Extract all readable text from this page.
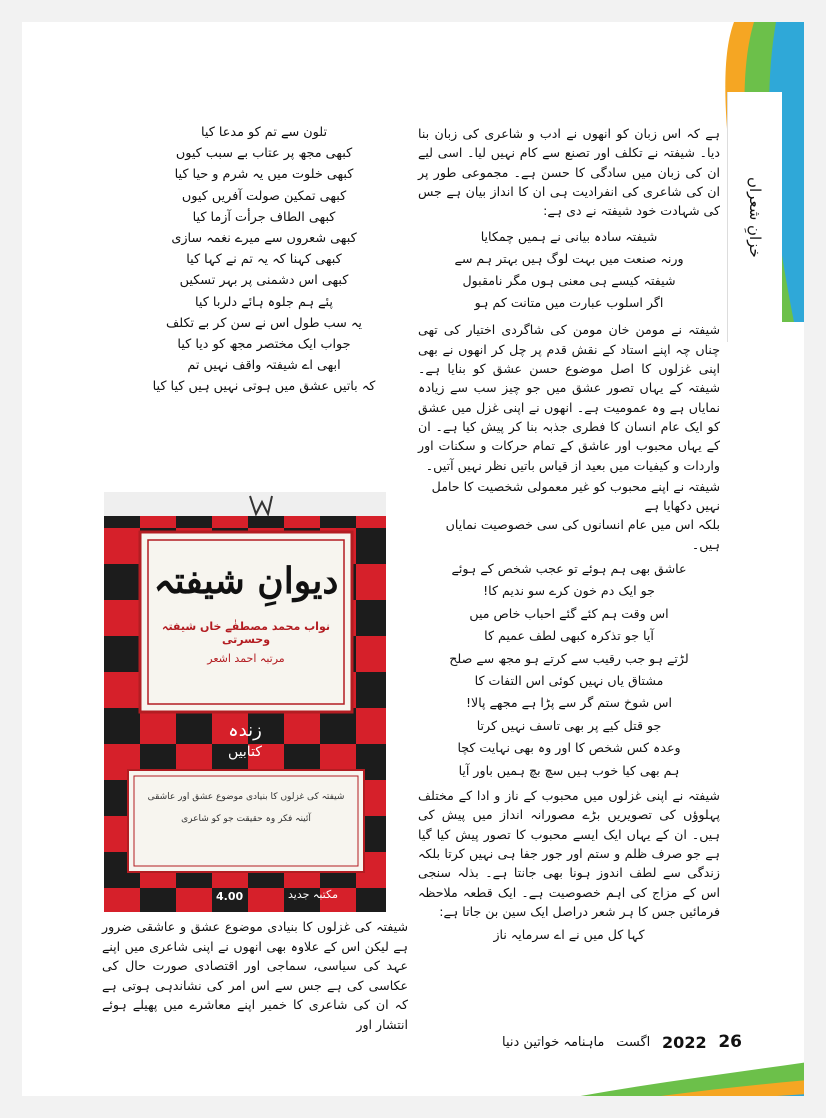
خزانِ شعراں
ہے کہ اس زبان کو انھوں نے ادب و شاعری کی زبان بنا دیا۔ شیفتہ نے تکلف اور تصنع سے کام نہیں لیا۔ اسی لیے ان کی زبان میں سادگی کا حسن ہے۔ مجموعی طور پر ان کی شاعری کی انفرادیت ہی ان کا انداز بیان ہے جس کی شہادت خود شیفتہ نے دی ہے:
شیفتہ سادہ بیانی نے ہمیں چمکایا
ورنہ صنعت میں بہت لوگ ہیں بہتر ہم سے
شیفتہ کیسے ہی معنی ہوں مگر نامقبول
اگر اسلوب عبارت میں متانت کم ہو
شیفتہ نے مومن خان مومن کی شاگردی اختیار کی تھی چناں چہ اپنے استاد کے نقش قدم پر چل کر انھوں نے بھی اپنی غزلوں کا اصل موضوع حسن عشق کو بنایا ہے۔ شیفتہ کے یہاں تصور عشق میں جو چیز سب سے زیادہ نمایاں ہے وہ عمومیت ہے۔ انھوں نے اپنی غزل میں عشق کو ایک عام انسان کا فطری جذبہ بنا کر پیش کیا ہے۔ ان کے یہاں محبوب اور عاشق کے تمام حرکات و سکنات اور واردات و کیفیات میں بعید از قیاس باتیں نظر نہیں آتیں۔
شیفتہ نے اپنے محبوب کو غیر معمولی شخصیت کا حامل نہیں دکھایا ہے
بلکہ اس میں عام انسانوں کی سی خصوصیت نمایاں ہیں۔
عاشق بھی ہم ہوئے تو عجب شخص کے ہوئے
جو ایک دم خون کرے سو ندیم کا!
اس وقت ہم کئے گئے احباب خاص میں
آیا جو تذکرہ کبھی لطف عمیم کا
لڑتے ہو جب رقیب سے کرتے ہو مجھ سے صلح
مشتاق یاں نہیں کوئی اس التفات کا
اس شوخ ستم گر سے پڑا ہے مجھے پالا!
جو قتل کیے پر بھی تاسف نہیں کرتا
وعدہ کس شخص کا اور وہ بھی نہایت کچا
ہم بھی کیا خوب ہیں سچ بچ ہمیں باور آیا
شیفتہ نے اپنی غزلوں میں محبوب کے ناز و ادا کے مختلف پہلوؤں کی تصویریں بڑے مصورانہ انداز میں پیش کی ہیں۔ ان کے یہاں ایک ایسے محبوب کا تصور پیش کیا گیا ہے جو صرف ظلم و ستم اور جور جفا ہی نہیں کرتا بلکہ زندگی سے لطف اندوز ہونا بھی جانتا ہے۔ بذلہ سنجی اس کے مزاج کی اہم خصوصیت ہے۔ ایک قطعہ ملاحظہ فرمائیں جس کا ہر شعر دراصل ایک سین بن جاتا ہے:
کہا کل میں نے اے سرمایہ ناز
تلون سے تم کو مدعا کیا
کبھی مجھ پر عتاب بے سبب کیوں
کبھی خلوت میں یہ شرم و حیا کیا
کبھی تمکین صولت آفریں کیوں
کبھی الطاف جرأت آزما کیا
کبھی شعروں سے میرے نغمہ سازی
کبھی کہنا کہ یہ تم نے کہا کیا
کبھی اس دشمنی پر بہر تسکیں
پئے ہم جلوہ ہائے دلربا کیا
یہ سب طول اس نے سن کر بے تکلف
جواب ایک مختصر مجھ کو دیا کیا
ابھی اے شیفتہ واقف نہیں تم
کہ باتیں عشق میں ہوتی نہیں ہیں کیا کیا
دیوانِ شیفتہ
نواب محمد مصطفٰے خاں شیفتہ وحسرتی
مرتبہ احمد اشعر
زندہ
کتابیں
شیفتہ کی غزلوں کا بنیادی موضوع عشق اور عاشقی
آئینہ فکر وہ حقیقت جو کو شاعری
4.00	مکتبہ جدید
شیفتہ کی غزلوں کا بنیادی موضوع عشق و عاشقی ضرور ہے لیکن اس کے علاوہ بھی انھوں نے اپنی شاعری میں اپنے عہد کی سیاسی، سماجی اور اقتصادی صورت حال کی عکاسی کی ہے جس سے اس امر کی نشاندہی ہوتی ہے کہ ان کی شاعری کا خمیر اپنے معاشرے میں پھیلے ہوئے انتشار اور
ماہنامہ خواتین دنیا اگست 2022 26
